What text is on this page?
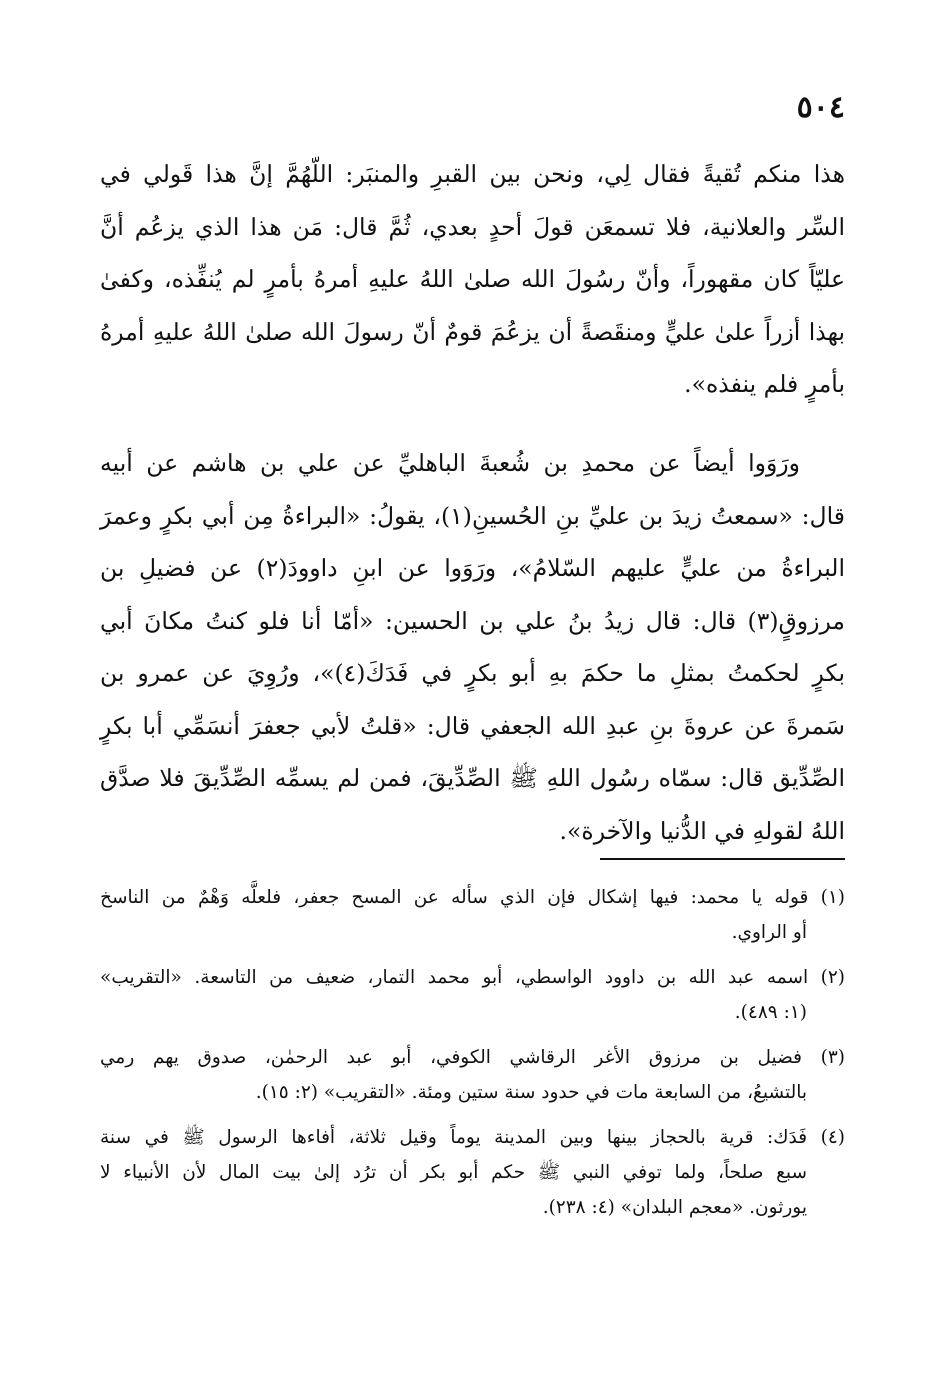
٥٠٤
هذا منكم تُقيةً فقال لِي، ونحن بين القبرِ والمنبَر: اللّهُمَّ إنَّ هذا قَولي في
السِّر والعلانية، فلا تسمعَن قولَ أحدٍ بعدي، ثُمَّ قال: مَن هذا الذي يزعُم أنَّ
عليّاً كان مقهوراً، وأنّ رسُولَ الله صلىٰ اللهُ عليهِ أمرهُ بأمرٍ لم يُنفِّذه، وكفىٰ
بهذا أزراً علىٰ عليٍّ ومنقَصةً أن يزعُمَ قومٌ أنّ رسولَ الله صلىٰ اللهُ عليهِ أمرهُ
بأمرٍ فلم ينفذه».
ورَوَوا أيضاً عن محمدِ بن شُعبةَ الباهليِّ عن علي بن هاشم عن أبيه
قال: «سمعتُ زيدَ بن عليِّ بنِ الحُسينِ(١)، يقولُ: «البراءةُ مِن أبي بكرٍ وعمرَ
البراءةُ من عليٍّ عليهم السّلامُ»، ورَوَوا عن ابنِ داوودَ(٢) عن فضيلِ بن
مرزوقٍ(٣) قال: قال زيدُ بنُ علي بن الحسين: «أمّا أنا فلو كنتُ مكانَ أبي
بكرٍ لحكمتُ بمثلِ ما حكمَ بهِ أبو بكرٍ في فَدَكَ(٤)»، ورُوِيَ عن عمرو بن
سَمرةَ عن عروةَ بنِ عبدِ الله الجعفي قال: «قلتُ لأبي جعفرَ أنسَمِّي أبا بكرٍ
الصِّدِّيق قال: سمّاه رسُول اللهِ ﷺ الصِّدِّيقَ، فمن لم يسمِّه الصِّدِّيقَ فلا صدَّق
اللهُ لقولهِ في الدُّنيا والآخرة».
(١) قوله يا محمد: فيها إشكال فإن الذي سأله عن المسح جعفر، فلعلَّه وَهْمٌ من الناسخ
أو الراوي.
(٢) اسمه عبد الله بن داوود الواسطي، أبو محمد التمار، ضعيف من التاسعة. «التقريب»
(١: ٤٨٩).
(٣) فضيل بن مرزوق الأغر الرقاشي الكوفي، أبو عبد الرحمٰن، صدوق يهم رمي
بالتشيعُ، من السابعة مات في حدود سنة ستين ومئة. «التقريب» (٢: ١٥).
(٤) فَدَك: قرية بالحجاز بينها وبين المدينة يوماً وقيل ثلاثة، أفاءها الرسول ﷺ في سنة
سبع صلحاً، ولما توفي النبي ﷺ حكم أبو بكر أن ترُد إلىٰ بيت المال لأن الأنبياء لا
يورثون. «معجم البلدان» (٤: ٢٣٨).
